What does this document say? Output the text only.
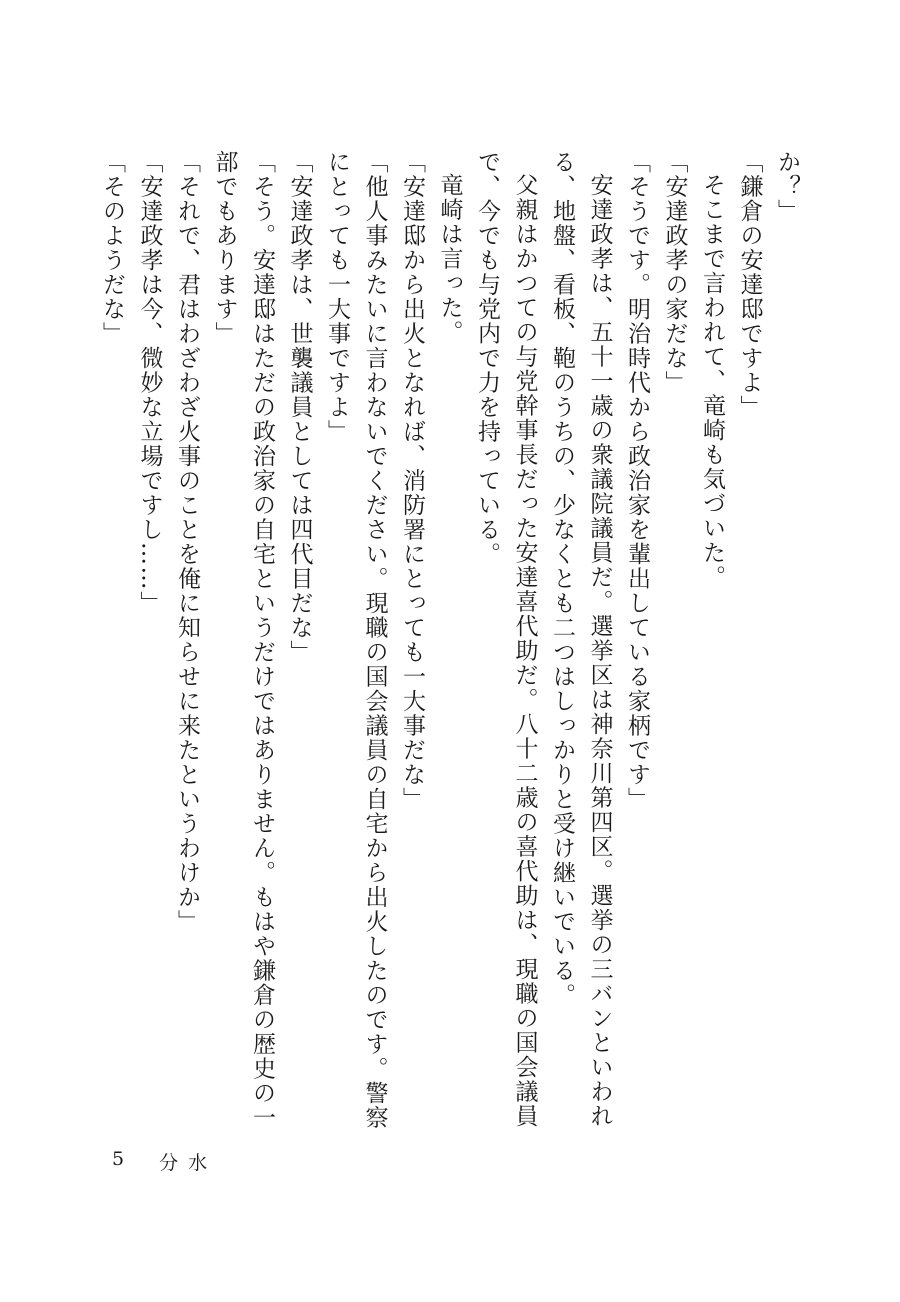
か？」

「鎌倉の安達邸ですよ」

そこまで言われて、竜崎も気づいた。

「安達政孝の家だな」

「そうです。明治時代から政治家を輩出している家柄です」

安達政孝は、五十一歳の衆議院議員だ。選挙区は神奈川第四区。選挙の三バンといわれる、地盤、看板、鞄のうちの、少なくとも二つはしっかりと受け継いでいる。

父親はかつての与党幹事長だった安達喜代助だ。八十二歳の喜代助は、現職の国会議員で、今でも与党内で力を持っている。

竜崎は言った。

「安達邸から出火となれば、消防署にとっても一大事だな」

「他人事みたいに言わないでください。現職の国会議員の自宅から出火したのです。警察にとっても一大事ですよ」

「安達政孝は、世襲議員としては四代目だな」

「そう。安達邸はただの政治家の自宅というだけではありません。もはや鎌倉の歴史の一部でもあります」

「それで、君はわざわざ火事のことを俺に知らせに来たというわけか」

「安達政孝は今、微妙な立場ですし……」

「そのようだな」

5 分水
